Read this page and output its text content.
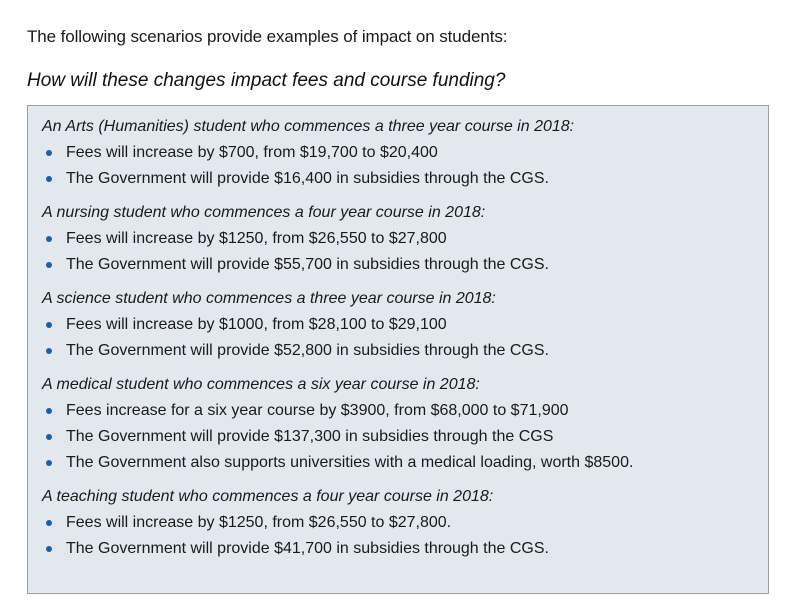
The following scenarios provide examples of impact on students:

How will these changes impact fees and course funding?

An Arts (Humanities) student who commences a three year course in 2018:

Fees will increase by $700, from $19,700 to $20,400
The Government will provide $16,400 in subsidies through the CGS.

A nursing student who commences a four year course in 2018:

Fees will increase by $1250, from $26,550 to $27,800
The Government will provide $55,700 in subsidies through the CGS.

A science student who commences a three year course in 2018:

Fees will increase by $1000, from $28,100 to $29,100
The Government will provide $52,800 in subsidies through the CGS.

A medical student who commences a six year course in 2018:

Fees increase for a six year course by $3900, from $68,000 to $71,900
The Government will provide $137,300 in subsidies through the CGS
The Government also supports universities with a medical loading, worth $8500.

A teaching student who commences a four year course in 2018:

Fees will increase by $1250, from $26,550 to $27,800.
The Government will provide $41,700 in subsidies through the CGS.
